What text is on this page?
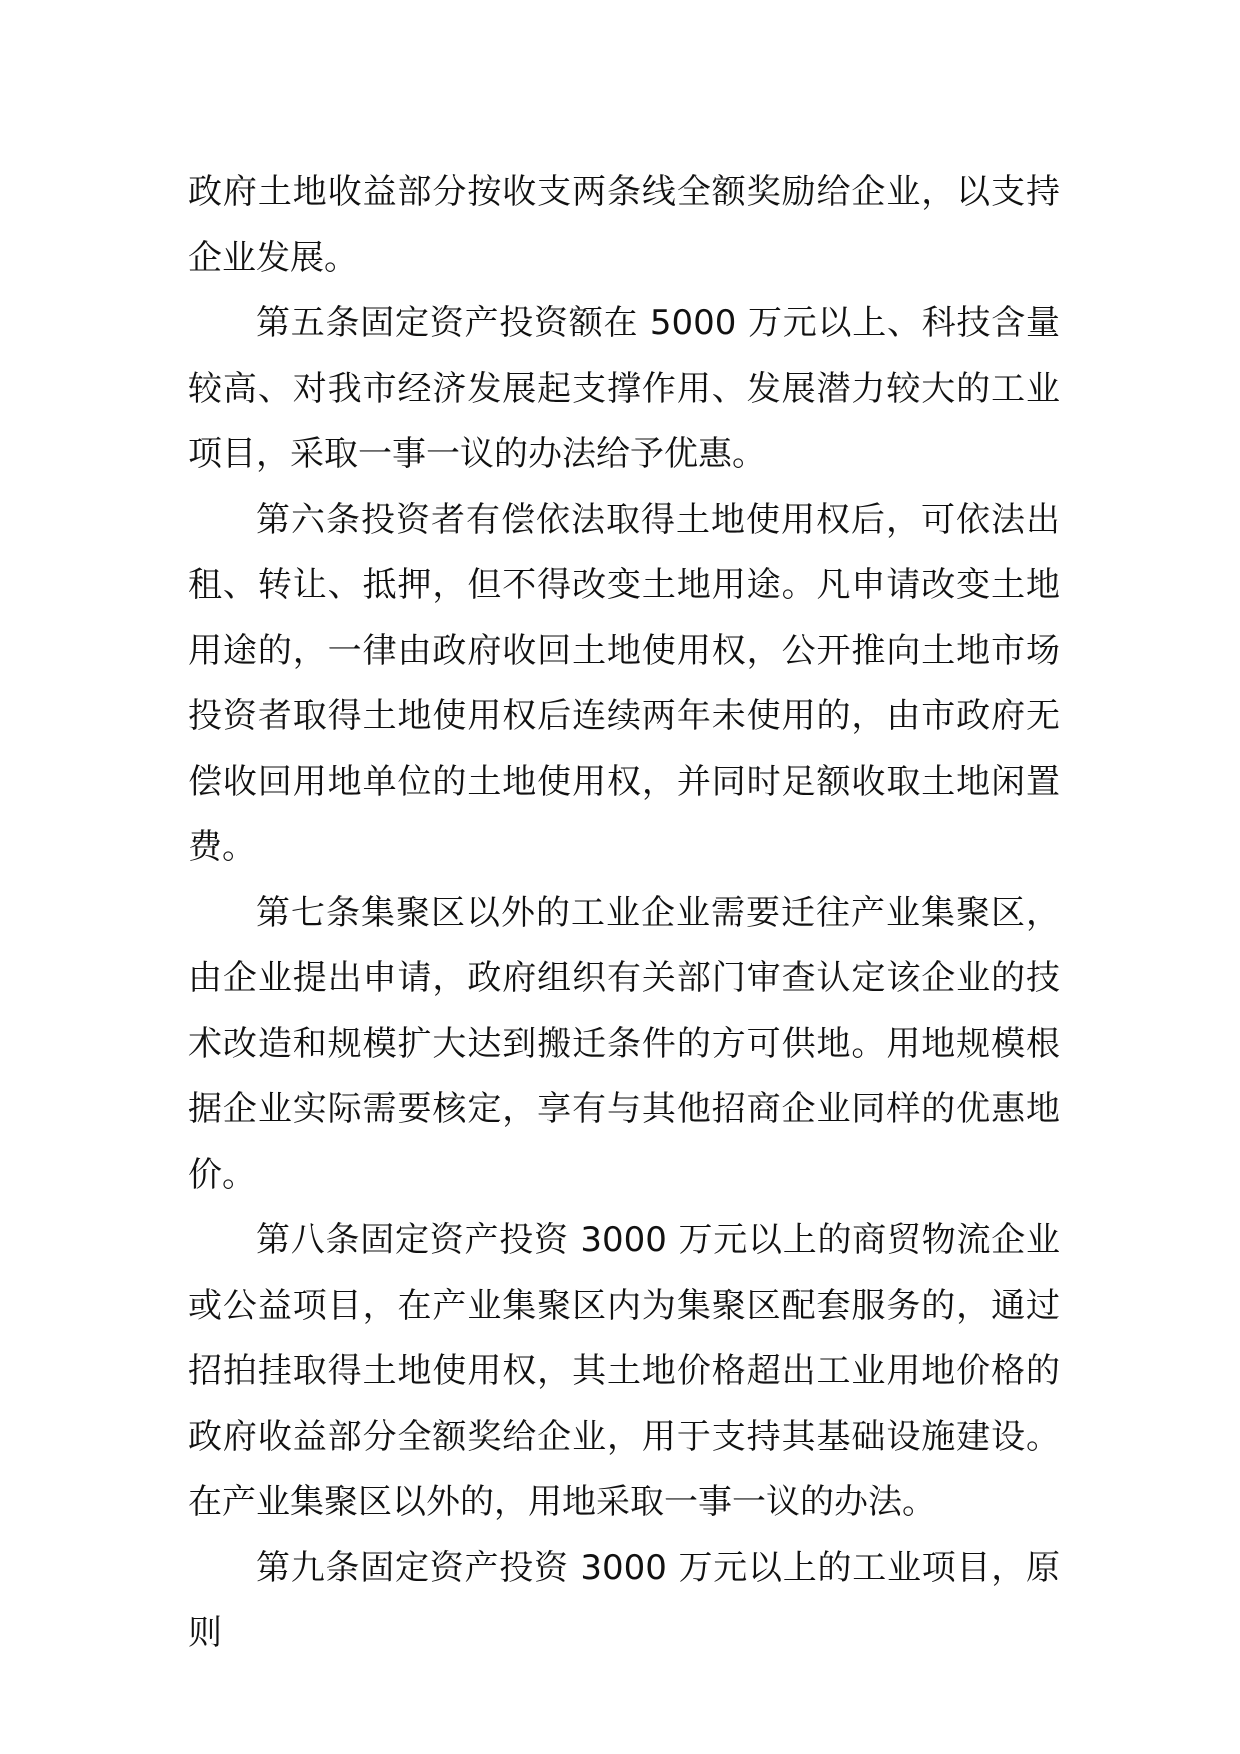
政府土地收益部分按收支两条线全额奖励给企业，以支持企业发展。

第五条固定资产投资额在 5000 万元以上、科技含量较高、对我市经济发展起支撑作用、发展潜力较大的工业项目，采取一事一议的办法给予优惠。

第六条投资者有偿依法取得土地使用权后，可依法出租、转让、抵押，但不得改变土地用途。凡申请改变土地用途的，一律由政府收回土地使用权，公开推向土地市场投资者取得土地使用权后连续两年未使用的，由市政府无偿收回用地单位的土地使用权，并同时足额收取土地闲置费。

第七条集聚区以外的工业企业需要迁往产业集聚区，由企业提出申请，政府组织有关部门审查认定该企业的技术改造和规模扩大达到搬迁条件的方可供地。用地规模根据企业实际需要核定，享有与其他招商企业同样的优惠地价。

第八条固定资产投资 3000 万元以上的商贸物流企业或公益项目，在产业集聚区内为集聚区配套服务的，通过招拍挂取得土地使用权，其土地价格超出工业用地价格的政府收益部分全额奖给企业，用于支持其基础设施建设。在产业集聚区以外的，用地采取一事一议的办法。

第九条固定资产投资 3000 万元以上的工业项目，原则
